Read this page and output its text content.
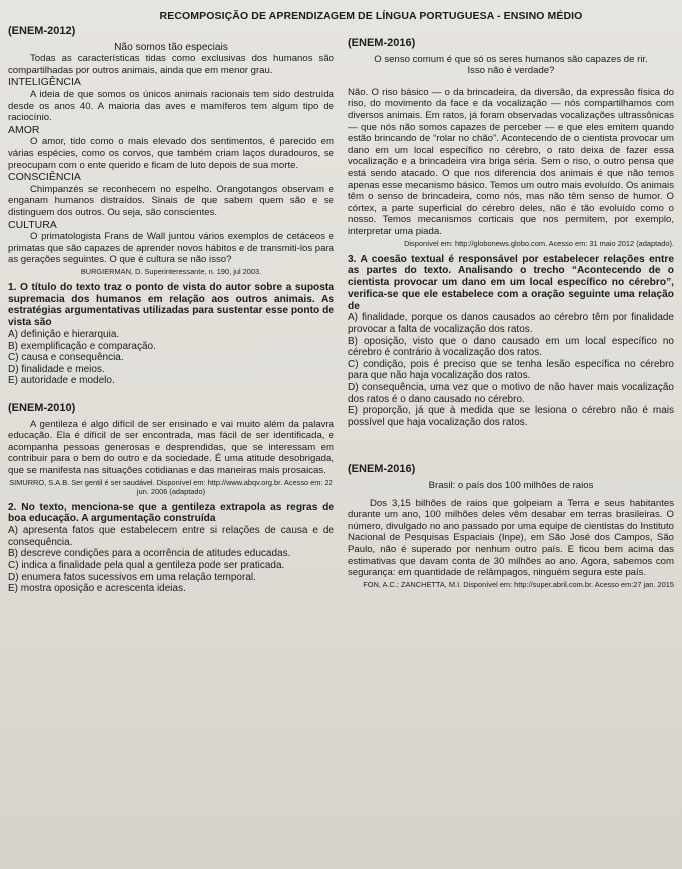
RECOMPOSIÇÃO DE APRENDIZAGEM DE LÍNGUA PORTUGUESA - ENSINO MÉDIO
(ENEM-2012)
Não somos tão especiais

Todas as características tidas como exclusivas dos humanos são compartilhadas por outros animais, ainda que em menor grau.

INTELIGÊNCIA

A ideia de que somos os únicos animais racionais tem sido destruída desde os anos 40. A maioria das aves e mamíferos tem algum tipo de raciocínio.

AMOR

O amor, tido como o mais elevado dos sentimentos, é parecido em várias espécies, como os corvos, que também criam laços duradouros, se preocupam com o ente querido e ficam de luto depois de sua morte.

CONSCIÊNCIA

Chimpanzés se reconhecem no espelho. Orangotangos observam e enganam humanos distraídos. Sinais de que sabem quem são e se distinguem dos outros. Ou seja, são conscientes.

CULTURA

O primatologista Frans de Wall juntou vários exemplos de cetáceos e primatas que são capazes de aprender novos hábitos e de transmiti-los para as gerações seguintes. O que é cultura se não isso?

BURGIERMAN, D. Superinteressante, n. 190, jul 2003.

1. O título do texto traz o ponto de vista do autor sobre a suposta supremacia dos humanos em relação aos outros animais. As estratégias argumentativas utilizadas para sustentar esse ponto de vista são

A) definição e hierarquia.

B) exemplificação e comparação.

C) causa e consequência.

D) finalidade e meios.

E) autoridade e modelo.

(ENEM-2010)

A gentileza é algo difícil de ser ensinado e vai muito além da palavra educação. Ela é difícil de ser encontrada, mas fácil de ser identificada, e acompanha pessoas generosas e desprendidas, que se interessam em contribuir para o bem do outro e da sociedade. É uma atitude desobrigada, que se manifesta nas situações cotidianas e das maneiras mais prosaicas.

SIMURRO, S.A.B. Ser gentil é ser saudável. Disponível em: http://www.abqv.org.br. Acesso em: 22 jun. 2006 (adaptado)

2. No texto, menciona-se que a gentileza extrapola as regras de boa educação. A argumentação construída

A) apresenta fatos que estabelecem entre si relações de causa e de consequência.

B) descreve condições para a ocorrência de atitudes educadas.

C) indica a finalidade pela qual a gentileza pode ser praticada.

D) enumera fatos sucessivos em uma relação temporal.

E) mostra oposição e acrescenta ideias.

(ENEM-2016)

O senso comum é que só os seres humanos são capazes de rir. Isso não é verdade?

Não. O riso básico — o da brincadeira, da diversão, da expressão física do riso, do movimento da face e da vocalização — nós compartilhamos com diversos animais. Em ratos, já foram observadas vocalizações ultrassônicas — que nós não somos capazes de perceber — e que eles emitem quando estão brincando de “rolar no chão”. Acontecendo de o cientista provocar um dano em um local específico no cérebro, o rato deixa de fazer essa vocalização e a brincadeira vira briga séria. Sem o riso, o outro pensa que está sendo atacado. O que nos diferencia dos animais é que não temos apenas esse mecanismo básico. Temos um outro mais evoluído. Os animais têm o senso de brincadeira, como nós, mas não têm senso de humor. O córtex, a parte superficial do cérebro deles, não é tão evoluído como o nosso. Temos mecanismos corticais que nos permitem, por exemplo, interpretar uma piada.

Disponível em: http://globonews.globo.com. Acesso em: 31 maio 2012 (adaptado).

3. A coesão textual é responsável por estabelecer relações entre as partes do texto. Analisando o trecho “Acontecendo de o cientista provocar um dano em um local específico no cérebro”, verifica-se que ele estabelece com a oração seguinte uma relação de

A) finalidade, porque os danos causados ao cérebro têm por finalidade provocar a falta de vocalização dos ratos.

B) oposição, visto que o dano causado em um local específico no cérebro é contrário à vocalização dos ratos.

C) condição, pois é preciso que se tenha lesão específica no cérebro para que não haja vocalização dos ratos.

D) consequência, uma vez que o motivo de não haver mais vocalização dos ratos é o dano causado no cérebro.

E) proporção, já que à medida que se lesiona o cérebro não é mais possível que haja vocalização dos ratos.

(ENEM-2016)
Brasil: o país dos 100 milhões de raios

Dos 3,15 bilhões de raios que golpeiam a Terra e seus habitantes durante um ano, 100 milhões deles vêm desabar em terras brasileiras. O número, divulgado no ano passado por uma equipe de cientistas do Instituto Nacional de Pesquisas Espaciais (Inpe), em São José dos Campos, São Paulo, não é superado por nenhum outro país. E ficou bem acima das estimativas que davam conta de 30 milhões ao ano. Agora, sabemos com segurança: em quantidade de relâmpagos, ninguém segura este país.

FON, A.C.; ZANCHETTA, M.I. Disponível em: http://super.abril.com.br. Acesso em:27 jan. 2015
